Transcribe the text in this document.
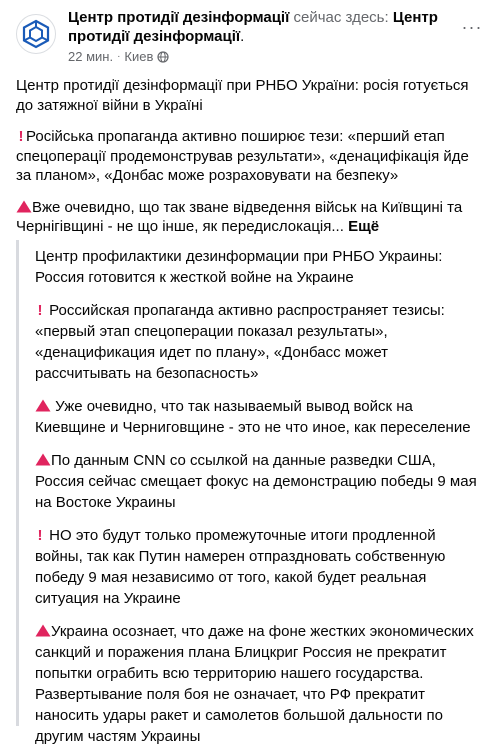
Центр протидії дезінформації сейчас здесь: Центр протидії дезінформації.
22 мин. · Киев
···

Центр протидії дезінформації при РНБО України: росія готується до затяжної війни в Україні

! Російська пропаганда активно поширює тези: «перший етап спецоперації продемонстрував результати», «денацифікація йде за планом», «Донбас може розраховувати на безпеку»

Вже очевидно, що так зване відведення військ на Київщині та Чернігівщині - не що інше, як передислокація... Ещё

Центр профилактики дезинформации при РНБО Украины: Россия готовится к жесткой войне на Украине

! Российская пропаганда активно распространяет тезисы: «первый этап спецоперации показал результаты», «денацификация идет по плану», «Донбасс может рассчитывать на безопасность»

Уже очевидно, что так называемый вывод войск на Киевщине и Черниговщине - это не что иное, как переселение

По данным CNN со ссылкой на данные разведки США, Россия сейчас смещает фокус на демонстрацию победы 9 мая на Востоке Украины

! НО это будут только промежуточные итоги продленной войны, так как Путин намерен отпраздновать собственную победу 9 мая независимо от того, какой будет реальная ситуация на Украине

Украина осознает, что даже на фоне жестких экономических санкций и поражения плана Блицкриг Россия не прекратит попытки ограбить всю территорию нашего государства. Развертывание поля боя не означает, что РФ прекратит наносить удары ракет и самолетов большой дальности по другим частям Украины
